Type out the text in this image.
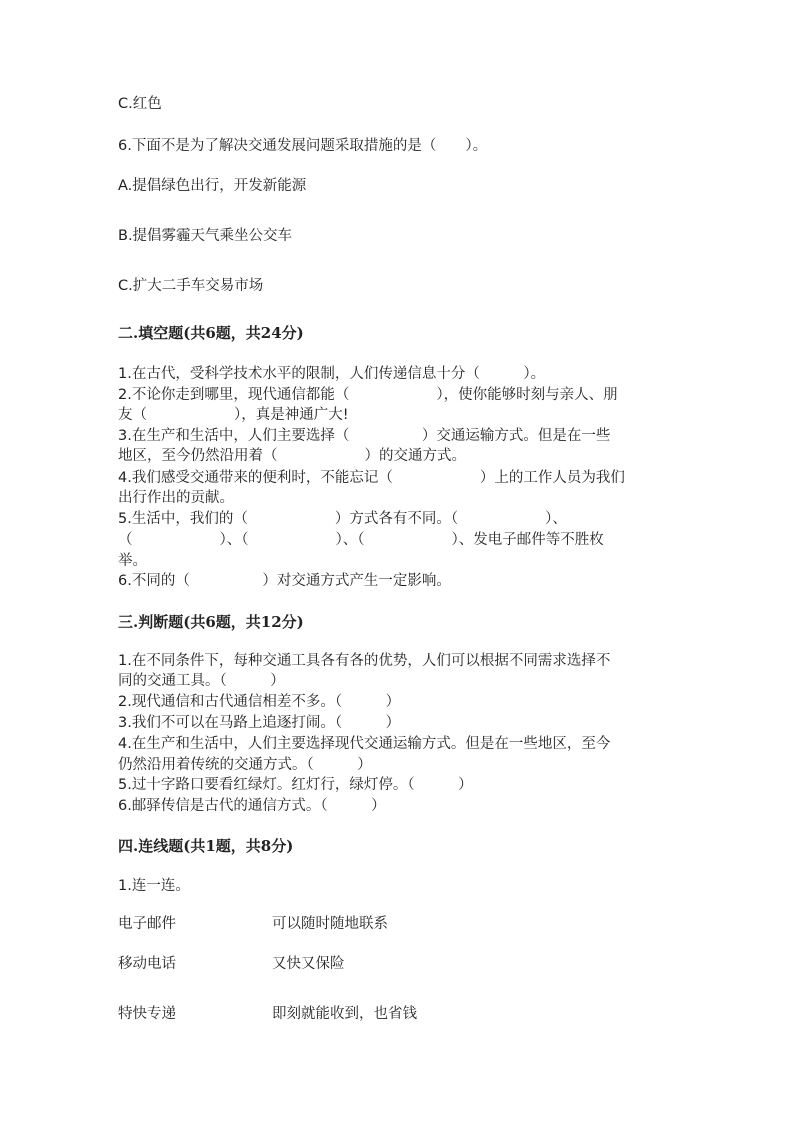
C.红色
6.下面不是为了解决交通发展问题采取措施的是（　　）。
A.提倡绿色出行，开发新能源
B.提倡雾霾天气乘坐公交车
C.扩大二手车交易市场
二.填空题(共6题，共24分)
1.在古代，受科学技术水平的限制，人们传递信息十分（　　　）。
2.不论你走到哪里，现代通信都能（　　　　　　），使你能够时刻与亲人、朋
友（　　　　　　），真是神通广大!
3.在生产和生活中，人们主要选择（　　　　　）交通运输方式。但是在一些
地区，至今仍然沿用着（　　　　　　）的交通方式。
4.我们感受交通带来的便利时，不能忘记（　　　　　　）上的工作人员为我们
出行作出的贡献。
5.生活中，我们的（　　　　　　）方式各有不同。（　　　　　　）、
（　　　　　　）、（　　　　　　）、（　　　　　　）、发电子邮件等不胜枚
举。
6.不同的（　　　　　）对交通方式产生一定影响。
三.判断题(共6题，共12分)
1.在不同条件下，每种交通工具各有各的优势，人们可以根据不同需求选择不
同的交通工具。（　　　）
2.现代通信和古代通信相差不多。（　　　）
3.我们不可以在马路上追逐打闹。（　　　）
4.在生产和生活中，人们主要选择现代交通运输方式。但是在一些地区，至今
仍然沿用着传统的交通方式。（　　　）
5.过十字路口要看红绿灯。红灯行，绿灯停。（　　　）
6.邮驿传信是古代的通信方式。（　　　）
四.连线题(共1题，共8分)
1.连一连。
电子邮件	可以随时随地联系
移动电话	又快又保险
特快专递	即刻就能收到，也省钱
